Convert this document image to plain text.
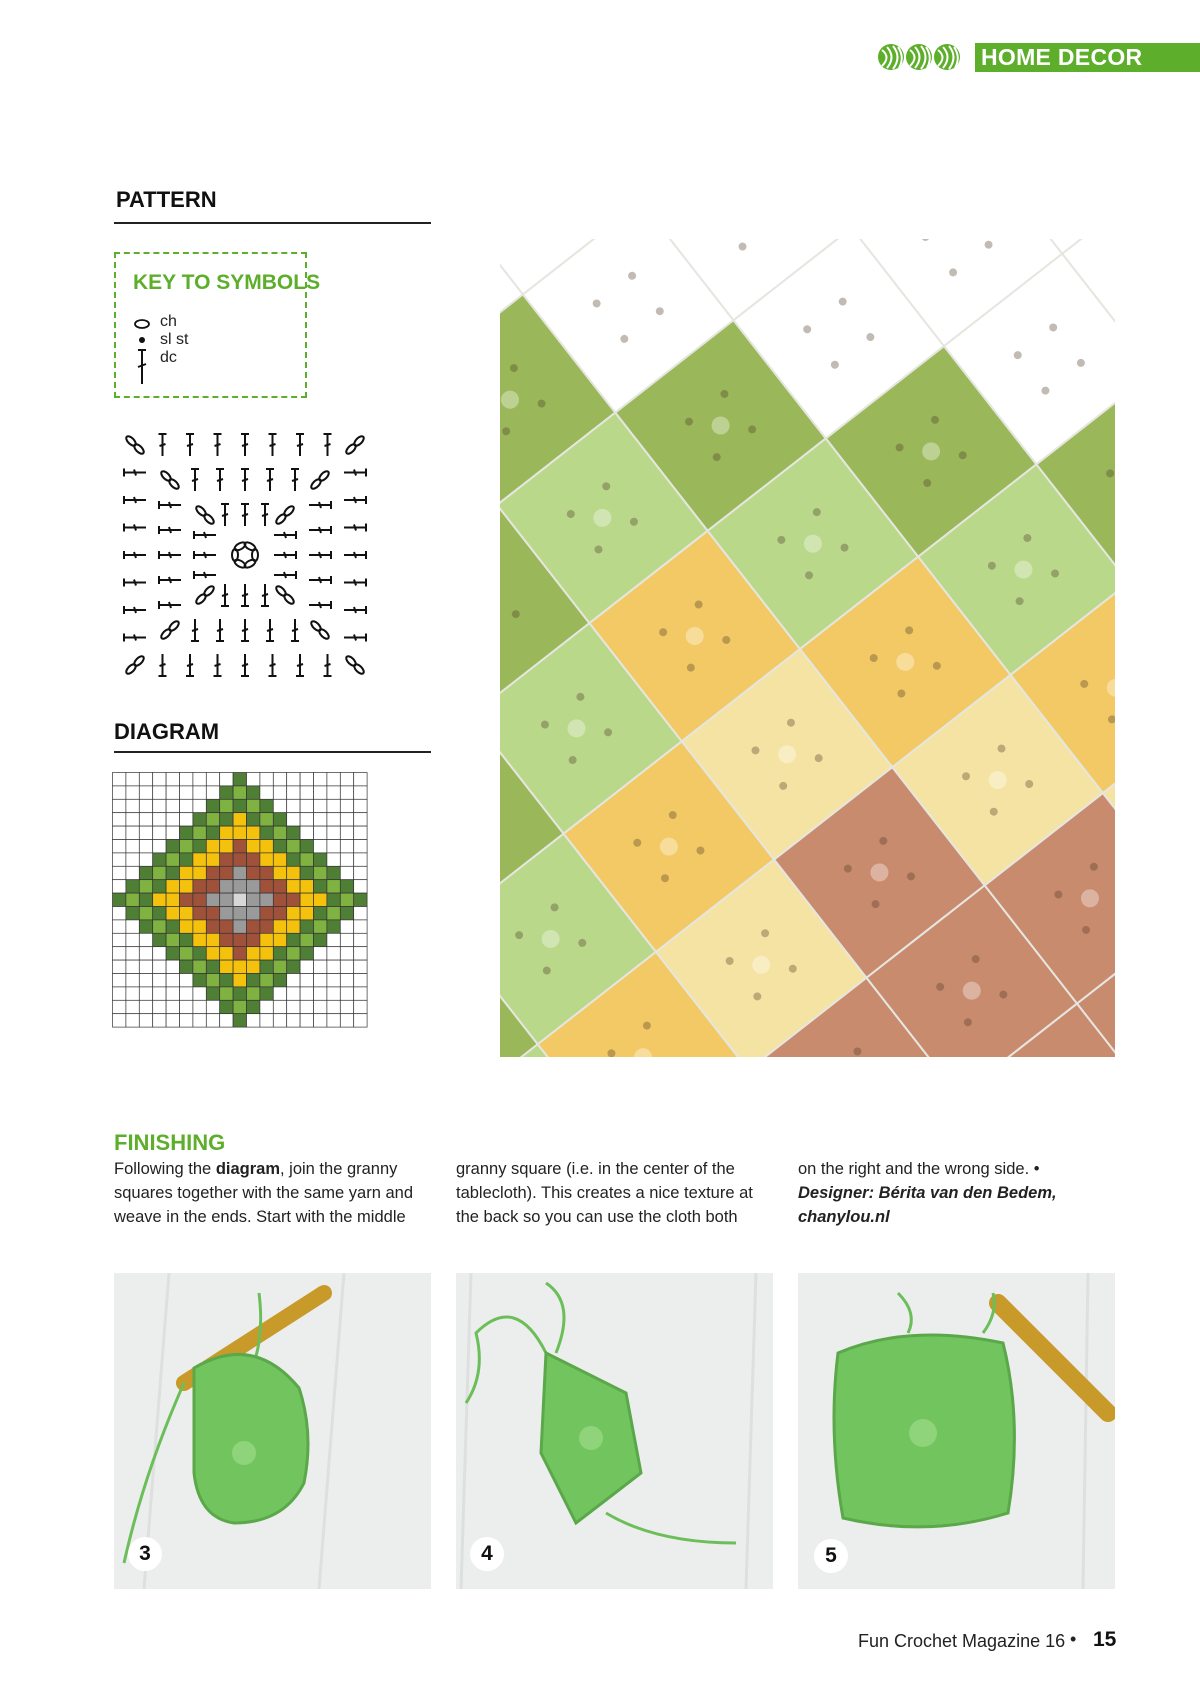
HOME DECOR
PATTERN
KEY TO SYMBOLS
ch
sl st
dc
DIAGRAM
FINISHING
Following the diagram, join the granny squares together with the same yarn and weave in the ends. Start with the middle
granny square (i.e. in the center of the tablecloth). This creates a nice texture at the back so you can use the cloth both
on the right and the wrong side. •
Designer: Bérita van den Bedem,
chanylou.nl
3	4	5
Fun Crochet Magazine 16 • 15
